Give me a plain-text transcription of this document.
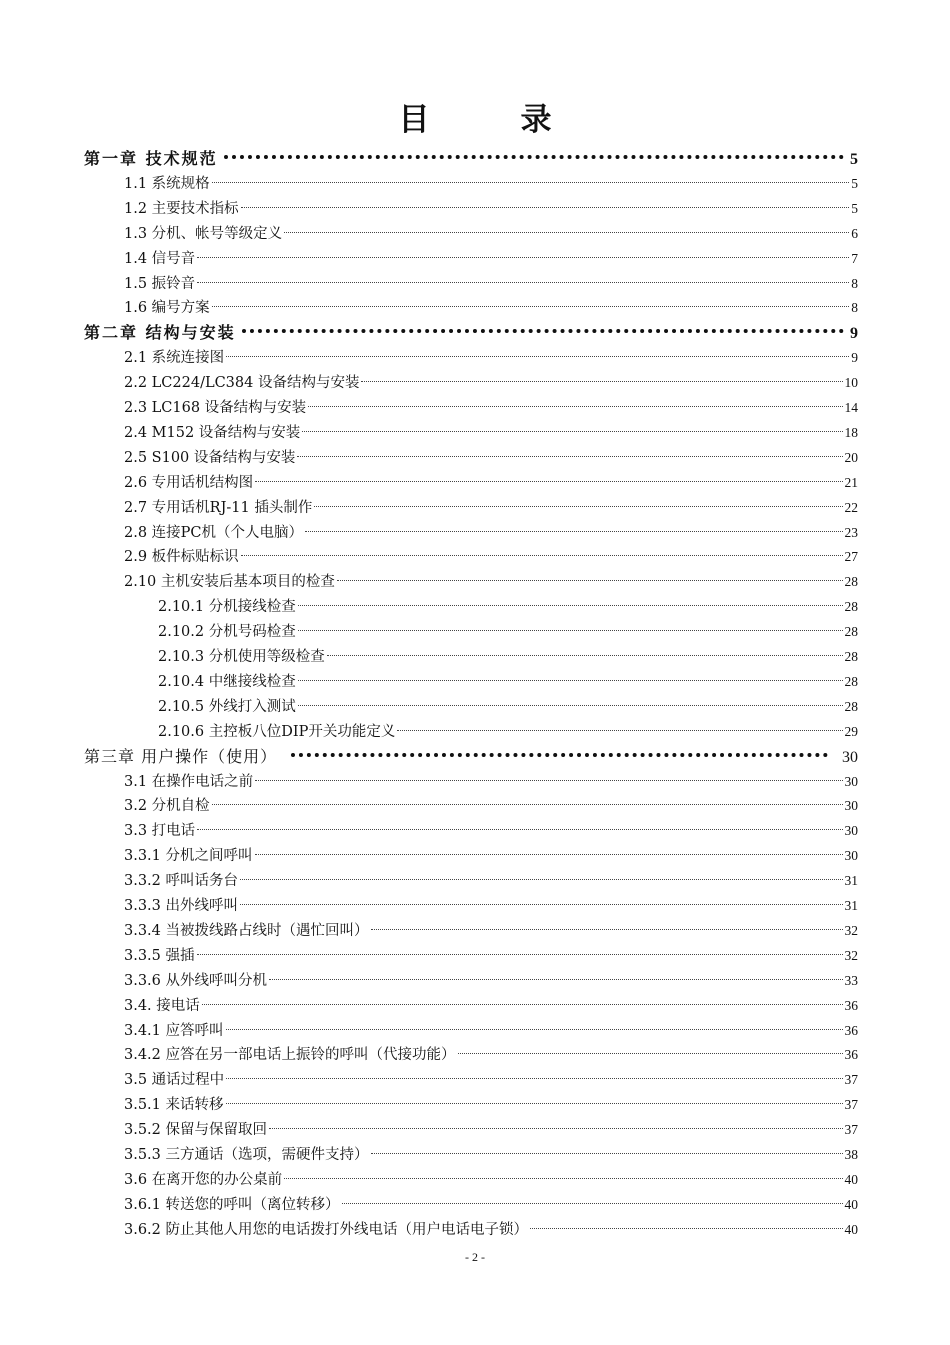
目　录
第一章 技术规范	5
1.1 系统规格	5
1.2 主要技术指标	5
1.3 分机、帐号等级定义	6
1.4 信号音	7
1.5 振铃音	8
1.6 编号方案	8
第二章 结构与安装	9
2.1 系统连接图	9
2.2 LC224/LC384 设备结构与安装	10
2.3 LC168 设备结构与安装	14
2.4 M152 设备结构与安装	18
2.5 S100 设备结构与安装	20
2.6 专用话机结构图	21
2.7 专用话机RJ-11 插头制作	22
2.8 连接PC机（个人电脑）	23
2.9 板件标贴标识	27
2.10 主机安装后基本项目的检查	28
2.10.1 分机接线检查	28
2.10.2 分机号码检查	28
2.10.3 分机使用等级检查	28
2.10.4 中继接线检查	28
2.10.5 外线打入测试	28
2.10.6 主控板八位DIP开关功能定义	29
第三章 用户操作（使用）	30
3.1 在操作电话之前	30
3.2 分机自检	30
3.3 打电话	30
3.3.1 分机之间呼叫	30
3.3.2 呼叫话务台	31
3.3.3 出外线呼叫	31
3.3.4 当被拨线路占线时（遇忙回叫）	32
3.3.5 强插	32
3.3.6 从外线呼叫分机	33
3.4. 接电话	36
3.4.1 应答呼叫	36
3.4.2 应答在另一部电话上振铃的呼叫（代接功能）	36
3.5 通话过程中	37
3.5.1 来话转移	37
3.5.2 保留与保留取回	37
3.5.3 三方通话（选项，需硬件支持）	38
3.6 在离开您的办公桌前	40
3.6.1 转送您的呼叫（离位转移）	40
3.6.2 防止其他人用您的电话拨打外线电话（用户电话电子锁）	40
- 2 -
